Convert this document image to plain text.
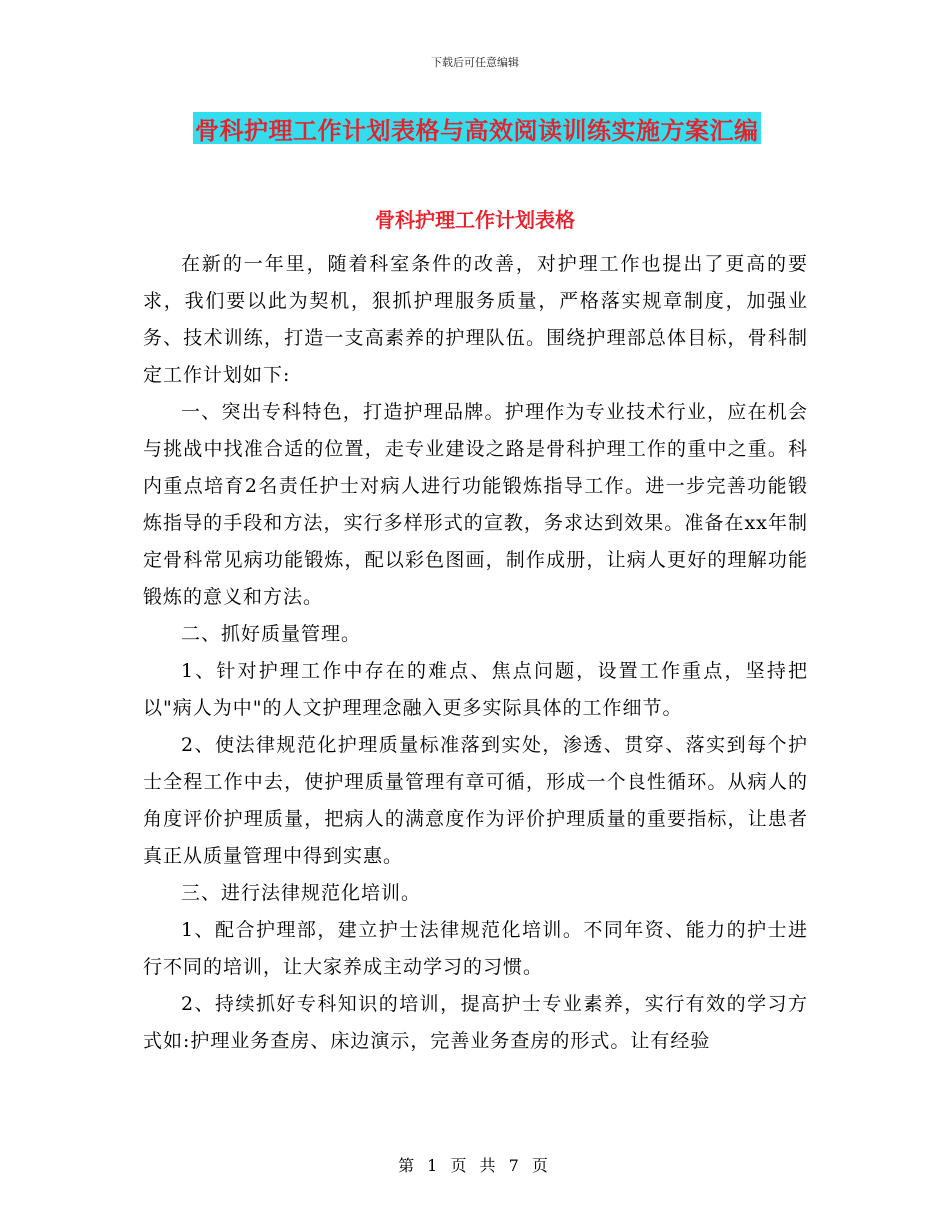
下载后可任意编辑
骨科护理工作计划表格与高效阅读训练实施方案汇编
骨科护理工作计划表格

在新的一年里，随着科室条件的改善，对护理工作也提出了更高的要求，我们要以此为契机，狠抓护理服务质量，严格落实规章制度，加强业务、技术训练，打造一支高素养的护理队伍。围绕护理部总体目标，骨科制定工作计划如下:

一、突出专科特色，打造护理品牌。护理作为专业技术行业，应在机会与挑战中找准合适的位置，走专业建设之路是骨科护理工作的重中之重。科内重点培育2名责任护士对病人进行功能锻炼指导工作。进一步完善功能锻炼指导的手段和方法，实行多样形式的宣教，务求达到效果。准备在xx年制定骨科常见病功能锻炼，配以彩色图画，制作成册，让病人更好的理解功能锻炼的意义和方法。

二、抓好质量管理。

1、针对护理工作中存在的难点、焦点问题，设置工作重点，坚持把以"病人为中"的人文护理理念融入更多实际具体的工作细节。

2、使法律规范化护理质量标准落到实处，渗透、贯穿、落实到每个护士全程工作中去，使护理质量管理有章可循，形成一个良性循环。从病人的角度评价护理质量，把病人的满意度作为评价护理质量的重要指标，让患者真正从质量管理中得到实惠。

三、进行法律规范化培训。

1、配合护理部，建立护士法律规范化培训。不同年资、能力的护士进行不同的培训，让大家养成主动学习的习惯。

2、持续抓好专科知识的培训，提高护士专业素养，实行有效的学习方式如:护理业务查房、床边演示，完善业务查房的形式。让有经验

第 1 页 共 7 页
